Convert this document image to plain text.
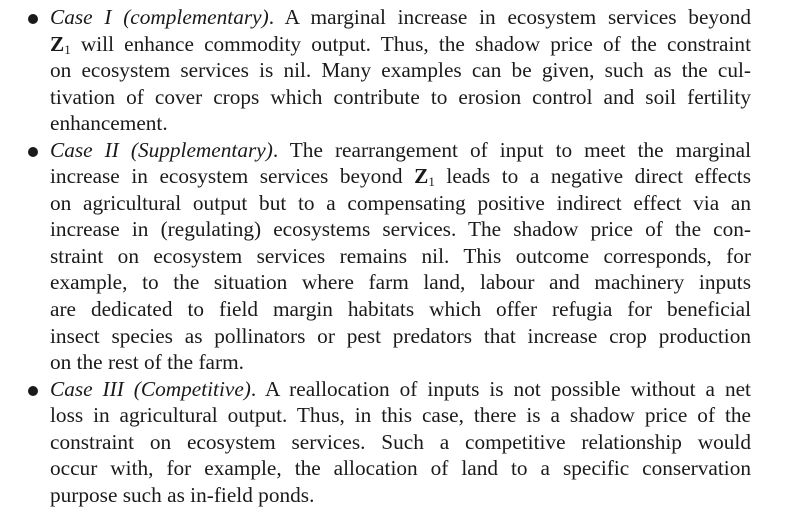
Case I (complementary). A marginal increase in ecosystem services beyond
$Z_1$ will enhance commodity output. Thus, the shadow price of the constraint
on ecosystem services is nil. Many examples can be given, such as the cul-
tivation of cover crops which contribute to erosion control and soil fertility
enhancement.
Case II (Supplementary). The rearrangement of input to meet the marginal
increase in ecosystem services beyond $Z_1$ leads to a negative direct effects
on agricultural output but to a compensating positive indirect effect via an
increase in (regulating) ecosystems services. The shadow price of the con-
straint on ecosystem services remains nil. This outcome corresponds, for
example, to the situation where farm land, labour and machinery inputs
are dedicated to field margin habitats which offer refugia for beneficial
insect species as pollinators or pest predators that increase crop production
on the rest of the farm.
Case III (Competitive). A reallocation of inputs is not possible without a net
loss in agricultural output. Thus, in this case, there is a shadow price of the
constraint on ecosystem services. Such a competitive relationship would
occur with, for example, the allocation of land to a specific conservation
purpose such as in-field ponds.
